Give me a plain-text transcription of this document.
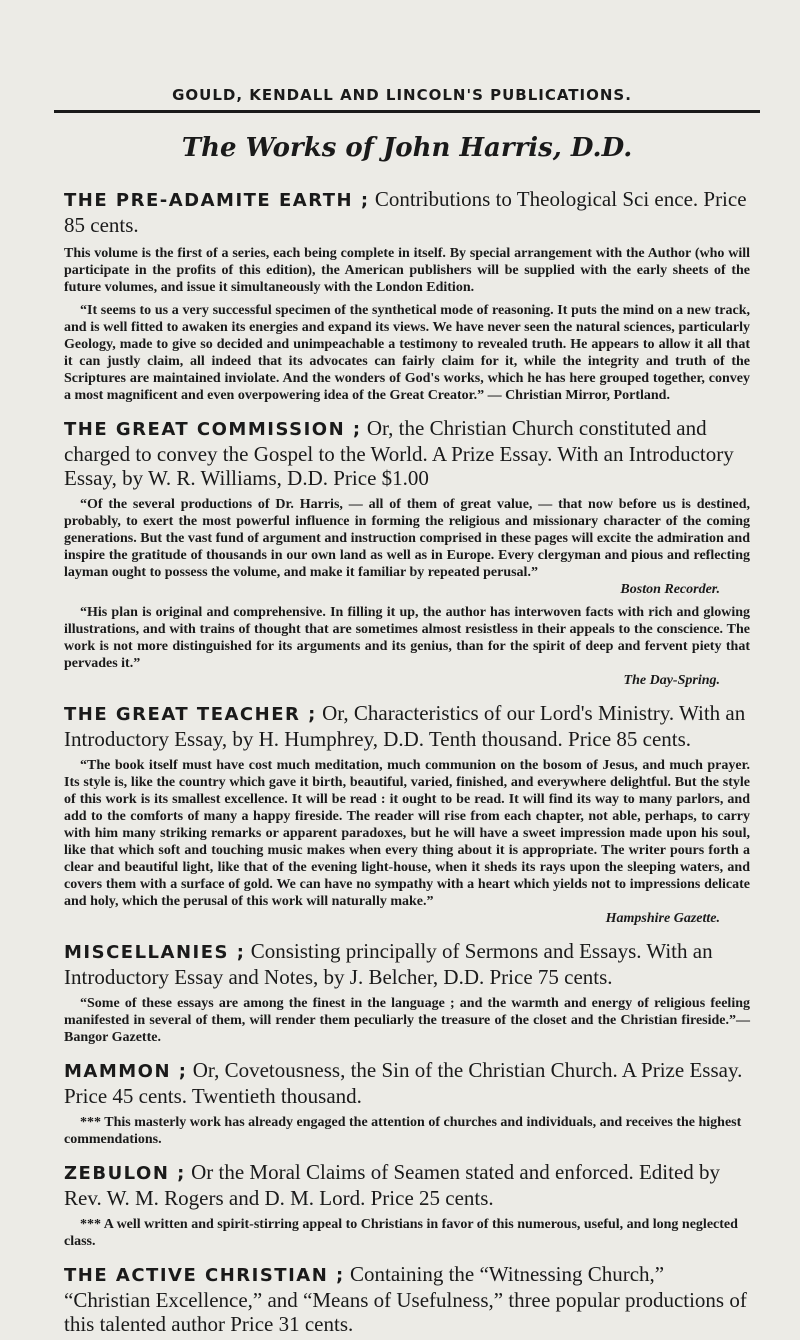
GOULD, KENDALL AND LINCOLN'S PUBLICATIONS.
The Works of John Harris, D.D.

THE PRE-ADAMITE EARTH ; Contributions to Theological Sci ence. Price 85 cents.

This volume is the first of a series, each being complete in itself. By special arrangement with the Author (who will participate in the profits of this edition), the American publishers will be supplied with the early sheets of the future volumes, and issue it simultaneously with the London Edition.

“It seems to us a very successful specimen of the synthetical mode of reasoning. It puts the mind on a new track, and is well fitted to awaken its energies and expand its views. We have never seen the natural sciences, particularly Geology, made to give so decided and unimpeachable a testimony to revealed truth. He appears to allow it all that it can justly claim, all indeed that its advocates can fairly claim for it, while the integrity and truth of the Scriptures are maintained inviolate. And the wonders of God's works, which he has here grouped together, convey a most magnificent and even overpowering idea of the Great Creator.” — Christian Mirror, Portland.

THE GREAT COMMISSION ; Or, the Christian Church constituted and charged to convey the Gospel to the World. A Prize Essay. With an Introductory Essay, by W. R. Williams, D.D. Price $1.00

“Of the several productions of Dr. Harris, — all of them of great value, — that now before us is destined, probably, to exert the most powerful influence in forming the religious and missionary character of the coming generations. But the vast fund of argument and instruction comprised in these pages will excite the admiration and inspire the gratitude of thousands in our own land as well as in Europe. Every clergyman and pious and reflecting layman ought to possess the volume, and make it familiar by repeated perusal.”

Boston Recorder.

“His plan is original and comprehensive. In filling it up, the author has interwoven facts with rich and glowing illustrations, and with trains of thought that are sometimes almost resistless in their appeals to the conscience. The work is not more distinguished for its arguments and its genius, than for the spirit of deep and fervent piety that pervades it.”

The Day-Spring.

THE GREAT TEACHER ; Or, Characteristics of our Lord's Ministry. With an Introductory Essay, by H. Humphrey, D.D. Tenth thousand. Price 85 cents.

“The book itself must have cost much meditation, much communion on the bosom of Jesus, and much prayer. Its style is, like the country which gave it birth, beautiful, varied, finished, and everywhere delightful. But the style of this work is its smallest excellence. It will be read : it ought to be read. It will find its way to many parlors, and add to the comforts of many a happy fireside. The reader will rise from each chapter, not able, perhaps, to carry with him many striking remarks or apparent paradoxes, but he will have a sweet impression made upon his soul, like that which soft and touching music makes when every thing about it is appropriate. The writer pours forth a clear and beautiful light, like that of the evening light-house, when it sheds its rays upon the sleeping waters, and covers them with a surface of gold. We can have no sympathy with a heart which yields not to impressions delicate and holy, which the perusal of this work will naturally make.”

Hampshire Gazette.

MISCELLANIES ; Consisting principally of Sermons and Essays. With an Introductory Essay and Notes, by J. Belcher, D.D. Price 75 cents.

“Some of these essays are among the finest in the language ; and the warmth and energy of religious feeling manifested in several of them, will render them peculiarly the treasure of the closet and the Christian fireside.”—Bangor Gazette.

MAMMON ; Or, Covetousness, the Sin of the Christian Church. A Prize Essay. Price 45 cents. Twentieth thousand.

*** This masterly work has already engaged the attention of churches and individuals, and receives the highest commendations.

ZEBULON ; Or the Moral Claims of Seamen stated and enforced. Edited by Rev. W. M. Rogers and D. M. Lord. Price 25 cents.

*** A well written and spirit-stirring appeal to Christians in favor of this numerous, useful, and long neglected class.

THE ACTIVE CHRISTIAN ; Containing the “Witnessing Church,” “Christian Excellence,” and “Means of Usefulness,” three popular productions of this talented author Price 31 cents.
